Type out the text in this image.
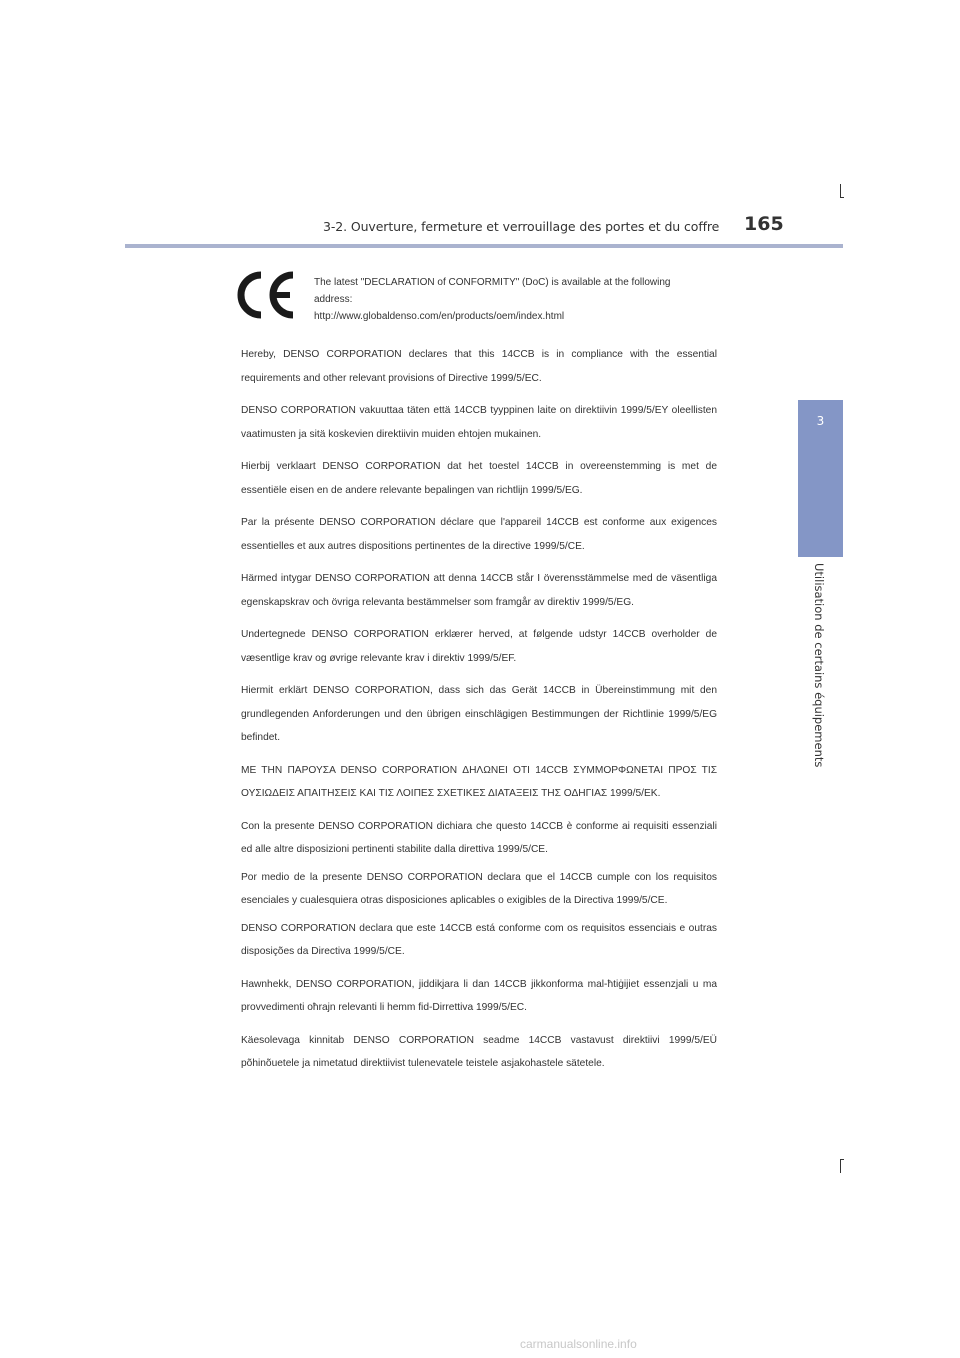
3-2. Ouverture, fermeture et verrouillage des portes et du coffre 165
3
Utilisation de certains équipements
The latest "DECLARATION of CONFORMITY" (DoC) is available at the following
address:
http://www.globaldenso.com/en/products/oem/index.html

Hereby, DENSO CORPORATION declares that this 14CCB is in compliance with the essential requirements and other relevant provisions of Directive 1999/5/EC.

DENSO CORPORATION vakuuttaa täten että 14CCB tyyppinen laite on direktiivin 1999/5/EY oleellisten vaatimusten ja sitä koskevien direktiivin muiden ehtojen mukainen.

Hierbij verklaart DENSO CORPORATION dat het toestel 14CCB in overeenstemming is met de essentiële eisen en de andere relevante bepalingen van richtlijn 1999/5/EG.

Par la présente DENSO CORPORATION déclare que l'appareil 14CCB est conforme aux exigences essentielles et aux autres dispositions pertinentes de la directive 1999/5/CE.

Härmed intygar DENSO CORPORATION att denna 14CCB står I överensstämmelse med de väsentliga egenskapskrav och övriga relevanta bestämmelser som framgår av direktiv 1999/5/EG.

Undertegnede DENSO CORPORATION erklærer herved, at følgende udstyr 14CCB overholder de væsentlige krav og øvrige relevante krav i direktiv 1999/5/EF.

Hiermit erklärt DENSO CORPORATION, dass sich das Gerät 14CCB in Übereinstimmung mit den grundlegenden Anforderungen und den übrigen einschlägigen Bestimmungen der Richtlinie 1999/5/EG befindet.

ΜΕ ΤΗΝ ΠΑΡΟΥΣΑ DENSO CORPORATION ΔΗΛΩΝΕΙ ΟΤΙ 14CCB ΣΥΜΜΟΡΦΩΝΕΤΑΙ ΠΡΟΣ ΤΙΣ ΟΥΣΙΩΔΕΙΣ ΑΠΑΙΤΗΣΕΙΣ ΚΑΙ ΤΙΣ ΛΟΙΠΕΣ ΣΧΕΤΙΚΕΣ ΔΙΑΤΑΞΕΙΣ ΤΗΣ ΟΔΗΓΙΑΣ 1999/5/ΕΚ.

Con la presente DENSO CORPORATION dichiara che questo 14CCB è conforme ai requisiti essenziali ed alle altre disposizioni pertinenti stabilite dalla direttiva 1999/5/CE.

Por medio de la presente DENSO CORPORATION declara que el 14CCB cumple con los requisitos esenciales y cualesquiera otras disposiciones aplicables o exigibles de la Directiva 1999/5/CE.

DENSO CORPORATION declara que este 14CCB está conforme com os requisitos essenciais e outras disposições da Directiva 1999/5/CE.

Hawnhekk, DENSO CORPORATION, jiddikjara li dan 14CCB jikkonforma mal-ħtiġijiet essenzjali u ma provvedimenti oħrajn relevanti li hemm fid-Dirrettiva 1999/5/EC.

Käesolevaga kinnitab DENSO CORPORATION seadme 14CCB vastavust direktiivi 1999/5/EÜ põhinõuetele ja nimetatud direktiivist tulenevatele teistele asjakohastele sätetele.

carmanualsonline.info
